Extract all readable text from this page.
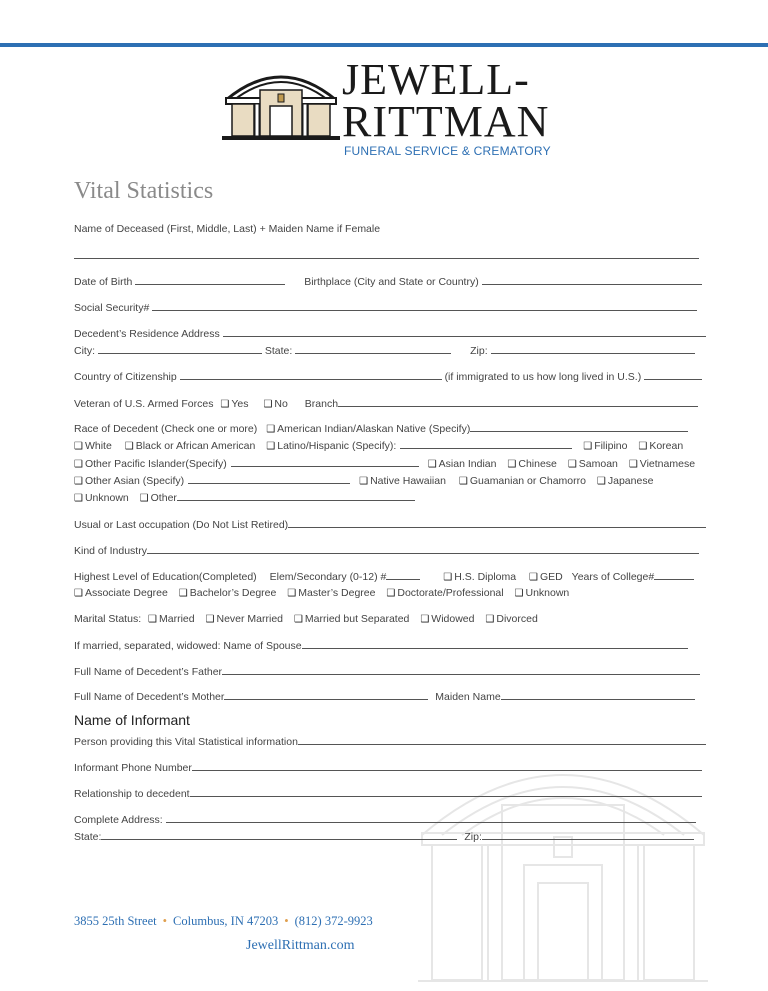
JEWELL-
RITTMAN
FUNERAL SERVICE & CREMATORY
Vital Statistics
Name of Deceased (First, Middle, Last) + Maiden Name if Female
Date of Birth	Birthplace (City and State or Country)
Social Security#
Decedent’s Residence Address
City:	State:	Zip:
Country of Citizenship	(if immigrated to us how long lived in U.S.)
Veteran of U.S. Armed Forces ❑ Yes ❑ No Branch
Race of Decedent (Check one or more) ❑ American Indian/Alaskan Native (Specify)
❑ White ❑ Black or African American ❑ Latino/Hispanic (Specify):	❑ Filipino ❑ Korean
❑ Other Pacific Islander(Specify)	❑ Asian Indian ❑ Chinese ❑ Samoan ❑ Vietnamese
❑ Other Asian (Specify)	❑ Native Hawaiian ❑ Guamanian or Chamorro ❑ Japanese
❑ Unknown ❑ Other
Usual or Last occupation (Do Not List Retired)
Kind of Industry
Highest Level of Education(Completed) Elem/Secondary (0-12) #	❑ H.S. Diploma ❑ GED Years of College#
❑ Associate Degree ❑ Bachelor’s Degree ❑ Master’s Degree ❑ Doctorate/Professional ❑ Unknown
Marital Status: ❑ Married ❑ Never Married ❑ Married but Separated ❑ Widowed ❑ Divorced
If married, separated, widowed: Name of Spouse
Full Name of Decedent’s Father
Full Name of Decedent’s Mother	Maiden Name
Name of Informant
Person providing this Vital Statistical information
Informant Phone Number
Relationship to decedent
Complete Address:
State:	Zip:
3855 25th Street • Columbus, IN 47203 • (812) 372-9923
JewellRittman.com
